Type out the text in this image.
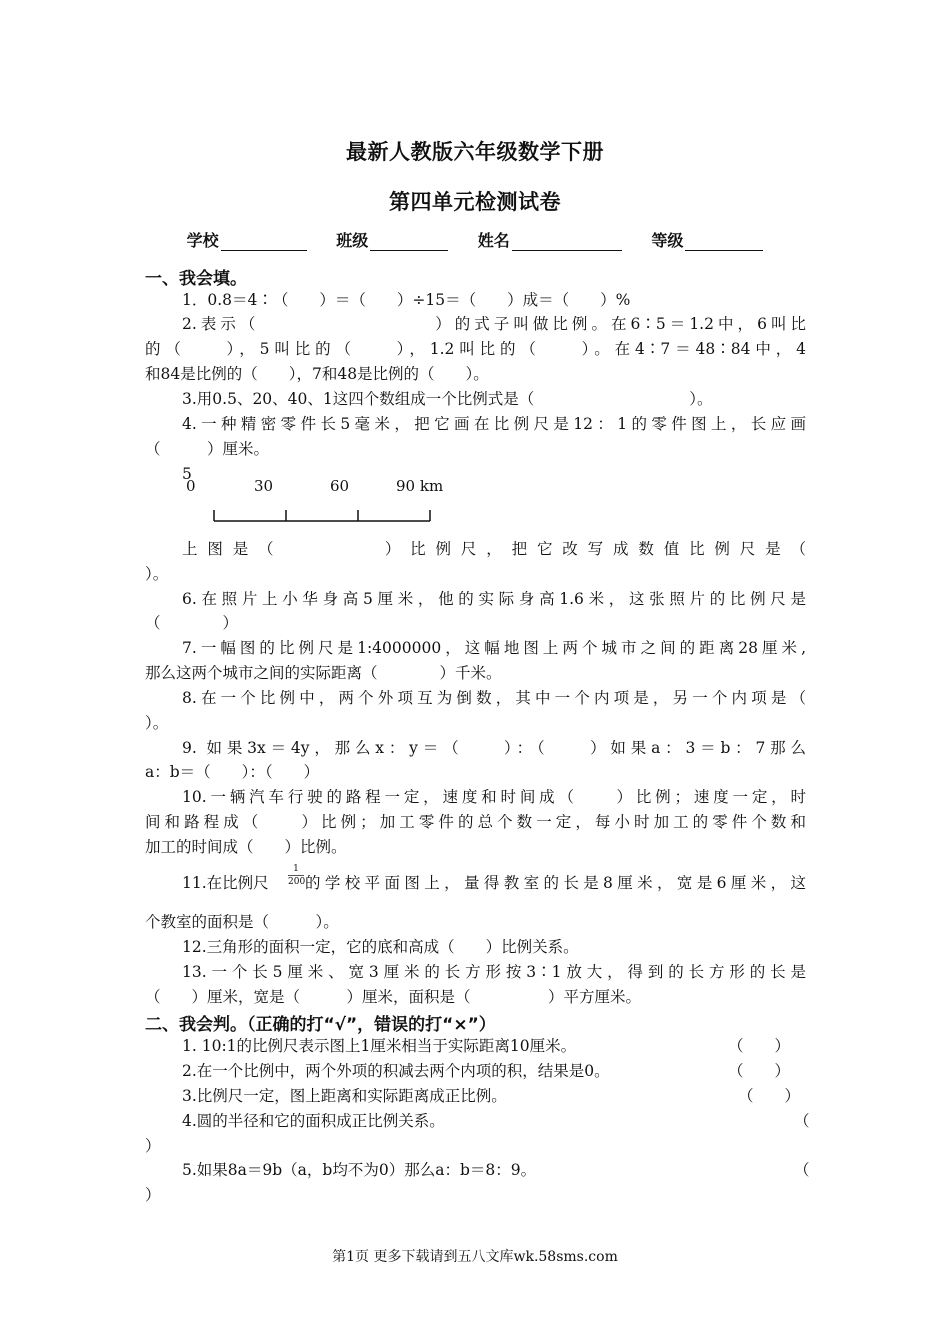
最新人教版六年级数学下册
第四单元检测试卷
学校	班级	姓名	等级
一、我会填。
1．0.8＝4∶（　　）＝（　　）÷15＝（　　）成＝（　　）%
2.表示（　　　　　　　　　）的式子叫做比例。在6∶5＝1.2中，6叫比
的（　　），5叫比的（　　），1.2叫比的（　　）。在4∶7＝48∶84中，4
和84是比例的（　　），7和48是比例的（　　）。
3.用0.5、20、40、1这四个数组成一个比例式是（　　　　　　　　　　）。
4.一种精密零件长5毫米，把它画在比例尺是12：1的零件图上，长应画
（　　　）厘米。
5
0	30	60	90 km
上图是（　　　　）比例尺，把它改写成数值比例尺是（
）。
6.在照片上小华身高5厘米，他的实际身高1.6米，这张照片的比例尺是
（　　　　）
7.一幅图的比例尺是1:4000000，这幅地图上两个城市之间的距离28厘米,
那么这两个城市之间的实际距离（　　　　）千米。
8.在一个比例中，两个外项互为倒数，其中一个内项是，另一个内项是（
）。
9. 如果3x＝4y，那么x：y＝（　　）：（　　）如果a：3＝b：7那么
a：b＝（　　）：（　　）
10.一辆汽车行驶的路程一定，速度和时间成（　　）比例；速度一定，时
间和路程成（　　）比例；加工零件的总个数一定，每小时加工的零件个数和
加工的时间成（　　）比例。
11.在比例尺
1
200 的学校平面图上，量得教室的长是8厘米，宽是6厘米，这
个教室的面积是（　　　）。
12.三角形的面积一定，它的底和高成（　　）比例关系。
13.一个长5厘米、宽3厘米的长方形按3∶1放大，得到的长方形的长是
（　　）厘米，宽是（　　　）厘米，面积是（　　　　　）平方厘米。
二、我会判。（正确的打“√”，错误的打“×”）
1. 10:1的比例尺表示图上1厘米相当于实际距离10厘米。	（　　）
2.在一个比例中，两个外项的积减去两个内项的积，结果是0。	（　　）
3.比例尺一定，图上距离和实际距离成正比例。	（　　）
4.圆的半径和它的面积成正比例关系。	（
）
5.如果8a＝9b（a，b均不为0）那么a：b＝8：9。	（
）
第1页 更多下载请到五八文库wk.58sms.com
